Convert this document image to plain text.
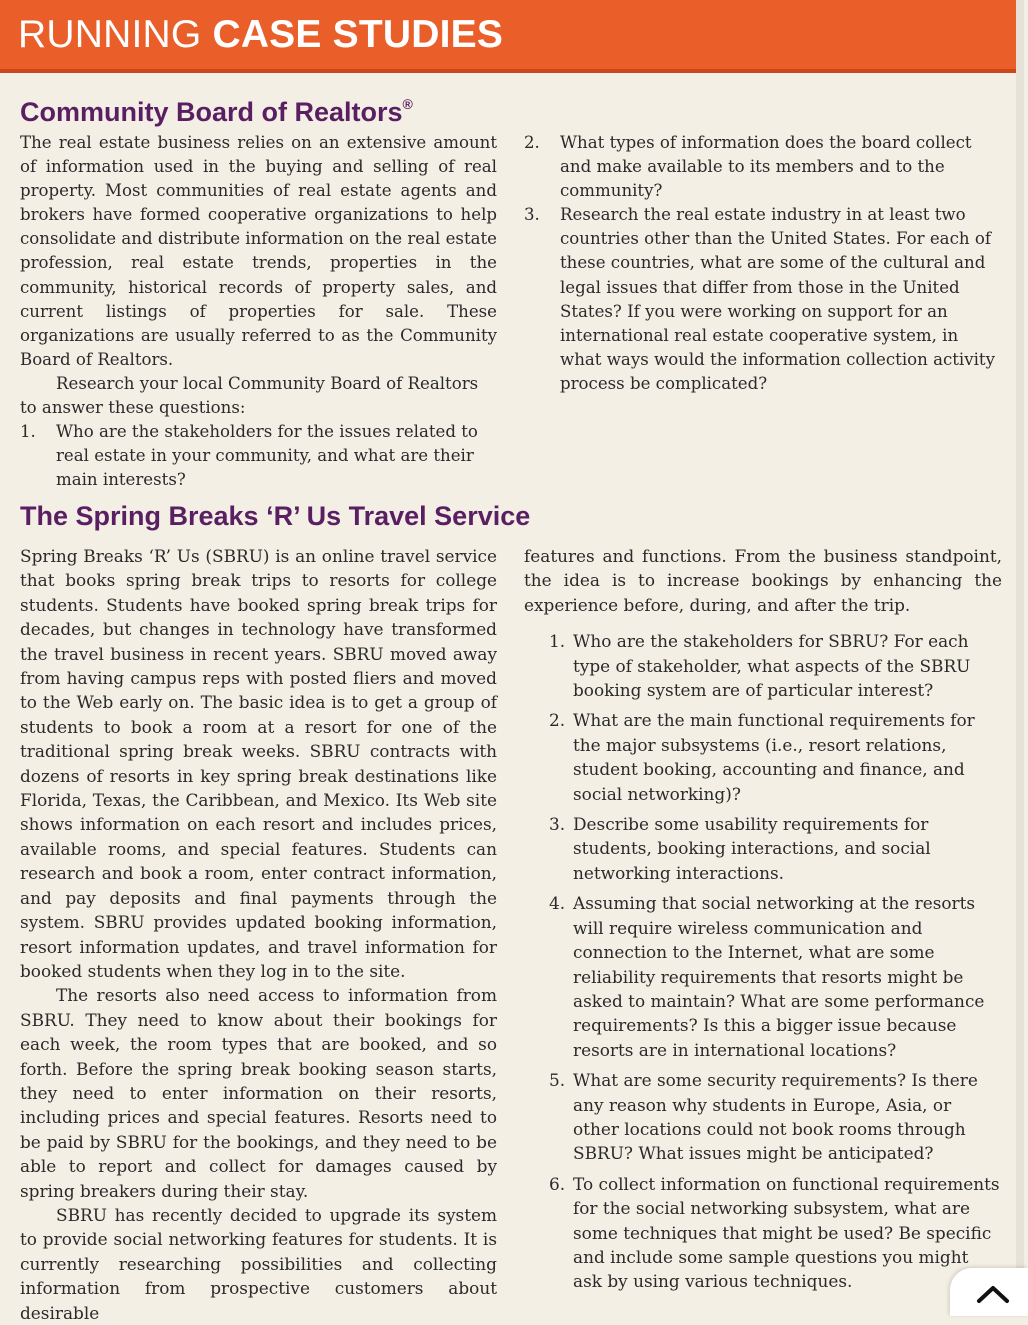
RUNNING CASE STUDIES
Community Board of Realtors®

The real estate business relies on an extensive amount of information used in the buying and selling of real property. Most communities of real estate agents and brokers have formed cooperative organizations to help consolidate and distribute information on the real estate profession, real estate trends, properties in the community, historical records of property sales, and current listings of properties for sale. These organizations are usually referred to as the Community Board of Realtors.

Research your local Community Board of Realtors to answer these questions:

1. Who are the stakeholders for the issues related to real estate in your community, and what are their main interests?
2. What types of information does the board collect and make available to its members and to the community?
3. Research the real estate industry in at least two countries other than the United States. For each of these countries, what are some of the cultural and legal issues that differ from those in the United States? If you were working on support for an international real estate cooperative system, in what ways would the information collection activity process be complicated?
The Spring Breaks ‘R’ Us Travel Service

Spring Breaks ‘R’ Us (SBRU) is an online travel service that books spring break trips to resorts for college students. Students have booked spring break trips for decades, but changes in technology have transformed the travel business in recent years. SBRU moved away from having campus reps with posted fliers and moved to the Web early on. The basic idea is to get a group of students to book a room at a resort for one of the traditional spring break weeks. SBRU contracts with dozens of resorts in key spring break destinations like Florida, Texas, the Caribbean, and Mexico. Its Web site shows information on each resort and includes prices, available rooms, and special features. Students can research and book a room, enter contract information, and pay deposits and final payments through the system. SBRU provides updated booking information, resort information updates, and travel information for booked students when they log in to the site.

The resorts also need access to information from SBRU. They need to know about their bookings for each week, the room types that are booked, and so forth. Before the spring break booking season starts, they need to enter information on their resorts, including prices and special features. Resorts need to be paid by SBRU for the bookings, and they need to be able to report and collect for damages caused by spring breakers during their stay.

SBRU has recently decided to upgrade its system to provide social networking features for students. It is currently researching possibilities and collecting information from prospective customers about desirable

features and functions. From the business standpoint, the idea is to increase bookings by enhancing the experience before, during, and after the trip.

1. Who are the stakeholders for SBRU? For each type of stakeholder, what aspects of the SBRU booking system are of particular interest?
2. What are the main functional requirements for the major subsystems (i.e., resort relations, student booking, accounting and finance, and social networking)?
3. Describe some usability requirements for students, booking interactions, and social networking interactions.
4. Assuming that social networking at the resorts will require wireless communication and connection to the Internet, what are some reliability requirements that resorts might be asked to maintain? What are some performance requirements? Is this a bigger issue because resorts are in international locations?
5. What are some security requirements? Is there any reason why students in Europe, Asia, or other locations could not book rooms through SBRU? What issues might be anticipated?
6. To collect information on functional requirements for the social networking subsystem, what are some techniques that might be used? Be specific and include some sample questions you might ask by using various techniques.
